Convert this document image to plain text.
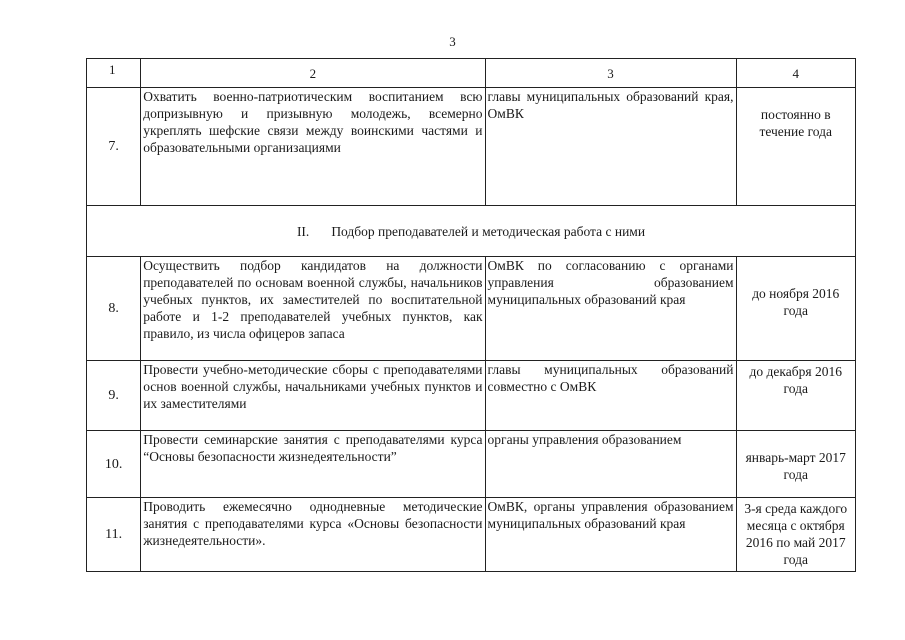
3
1	2	3	4
7.	Охватить военно-патриотическим воспитанием всю допризывную и призывную молодежь, всемерно укреплять шефские связи между воинскими частями и образовательными организациями	главы муниципальных образований края, ОмВК	постоянно в течение года
II. Подбор преподавателей и методическая работа с ними			
8.	Осуществить подбор кандидатов на должности преподавателей по основам военной службы, начальников учебных пунктов, их заместителей по воспитательной работе и 1-2 преподавателей учебных пунктов, как правило, из числа офицеров запаса	ОмВК по согласованию с органами управления образованием муниципальных образований края	до ноября 2016 года
9.	Провести учебно-методические сборы с преподавателями основ военной службы, начальниками учебных пунктов и их заместителями	главы муниципальных образований совместно с ОмВК	до декабря 2016 года
10.	Провести семинарские занятия с преподавателями курса “Основы безопасности жизнедеятельности”	органы управления образованием	январь-март 2017 года
11.	Проводить ежемесячно однодневные методические занятия с преподавателями курса «Основы безопасности жизнедеятельности».	ОмВК, органы управления образованием муниципальных образований края	3-я среда каждого месяца с октября 2016 по май 2017 года
